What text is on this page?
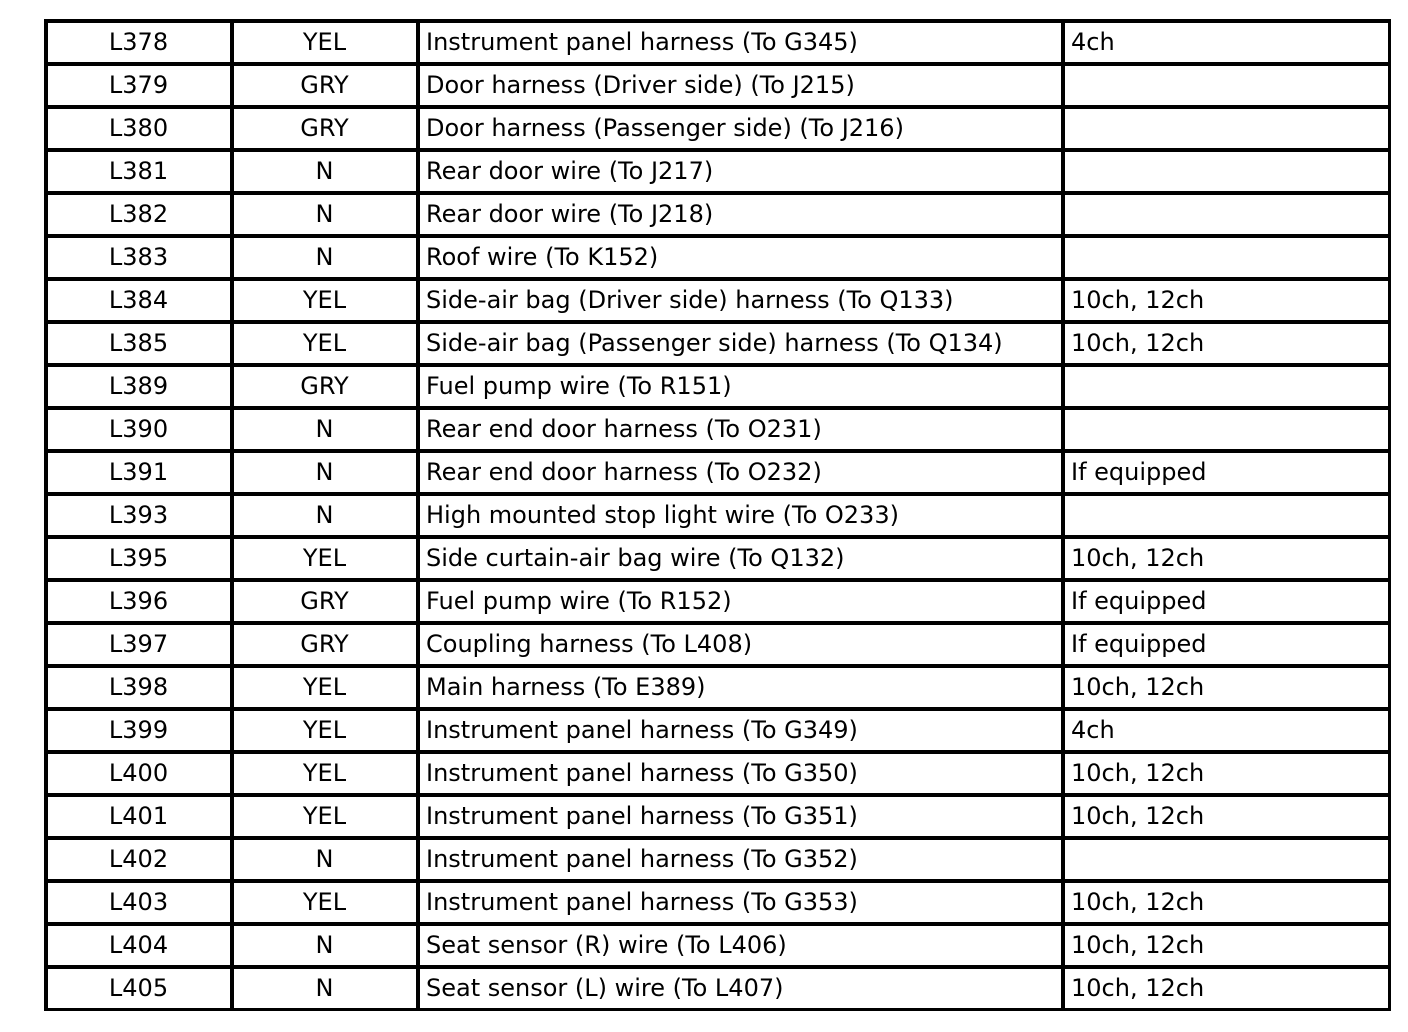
L378	YEL	Instrument panel harness (To G345)	4ch
L379	GRY	Door harness (Driver side) (To J215)	
L380	GRY	Door harness (Passenger side) (To J216)	
L381	N	Rear door wire (To J217)	
L382	N	Rear door wire (To J218)	
L383	N	Roof wire (To K152)	
L384	YEL	Side-air bag (Driver side) harness (To Q133)	10ch, 12ch
L385	YEL	Side-air bag (Passenger side) harness (To Q134)	10ch, 12ch
L389	GRY	Fuel pump wire (To R151)	
L390	N	Rear end door harness (To O231)	
L391	N	Rear end door harness (To O232)	If equipped
L393	N	High mounted stop light wire (To O233)	
L395	YEL	Side curtain-air bag wire (To Q132)	10ch, 12ch
L396	GRY	Fuel pump wire (To R152)	If equipped
L397	GRY	Coupling harness (To L408)	If equipped
L398	YEL	Main harness (To E389)	10ch, 12ch
L399	YEL	Instrument panel harness (To G349)	4ch
L400	YEL	Instrument panel harness (To G350)	10ch, 12ch
L401	YEL	Instrument panel harness (To G351)	10ch, 12ch
L402	N	Instrument panel harness (To G352)	
L403	YEL	Instrument panel harness (To G353)	10ch, 12ch
L404	N	Seat sensor (R) wire (To L406)	10ch, 12ch
L405	N	Seat sensor (L) wire (To L407)	10ch, 12ch
